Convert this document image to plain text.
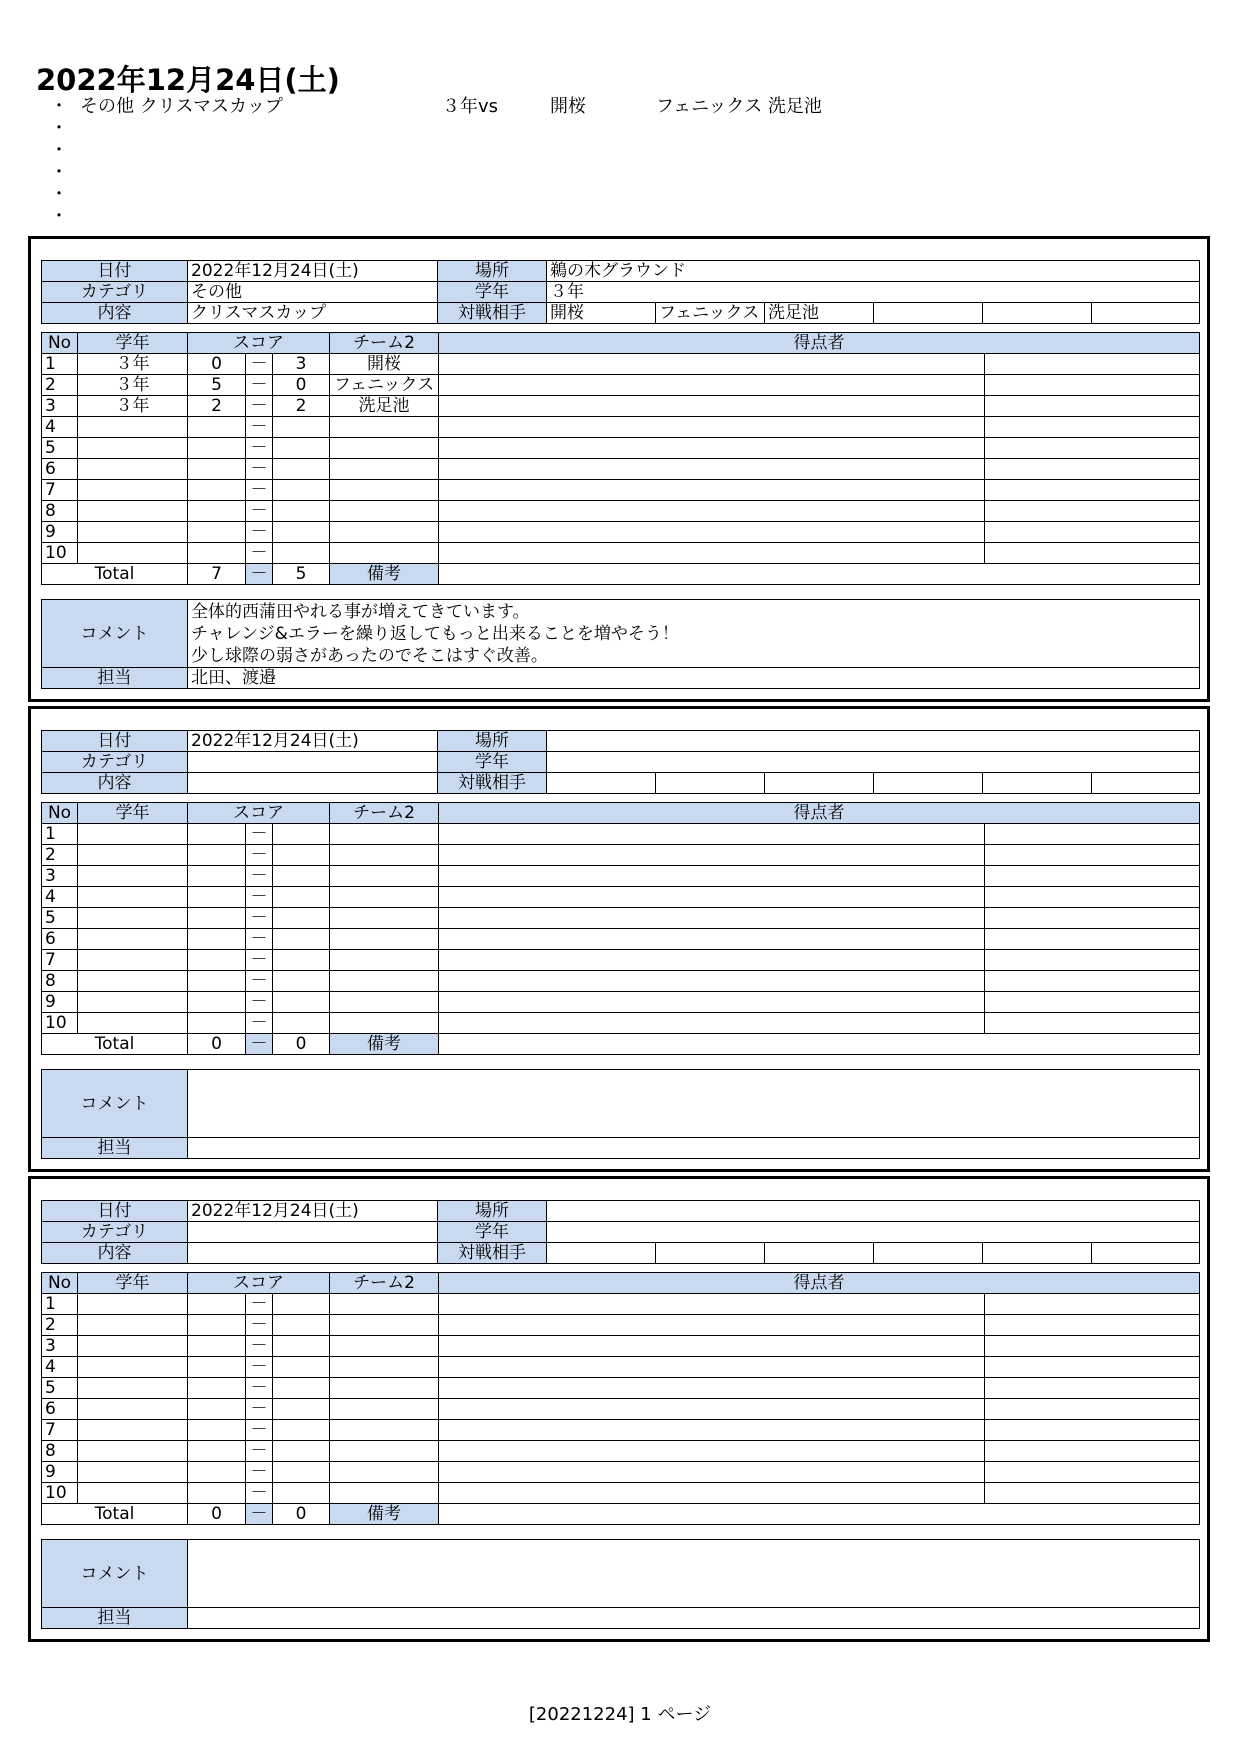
2022年12月24日(土)
・ その他 クリスマスカップ	３年vs	開桜	フェニックス 洗足池
・
・
・
・
・
日付	2022年12月24日(土)	場所	鵜の木グラウンド					
カテゴリ	その他	学年	３年					
内容	クリスマスカップ	対戦相手	開桜	フェニックス	洗足池			
No	学年	スコア			チーム2	得点者	
1	３年	0	－	3	開桜		
2	３年	5	－	0	フェニックス		
3	３年	2	－	2	洗足池		
4			－				
5			－				
6			－				
7			－				
8			－				
9			－				
10			－				
Total		7	－	5	備考		
コメント	全体的西蒲田やれる事が増えてきています。
チャレンジ&エラーを繰り返してもっと出来ることを増やそう！
少し球際の弱さがあったのでそこはすぐ改善。

担当	北田、渡邉
日付	2022年12月24日(土)	場所						
カテゴリ		学年						
内容		対戦相手						
No	学年	スコア			チーム2	得点者	
1			－				
2			－				
3			－				
4			－				
5			－				
6			－				
7			－				
8			－				
9			－				
10			－				
Total		0	－	0	備考		
コメント	

担当	
日付	2022年12月24日(土)	場所						
カテゴリ		学年						
内容		対戦相手						
No	学年	スコア			チーム2	得点者	
1			－				
2			－				
3			－				
4			－				
5			－				
6			－				
7			－				
8			－				
9			－				
10			－				
Total		0	－	0	備考		
コメント	

担当	
[20221224] 1 ページ
